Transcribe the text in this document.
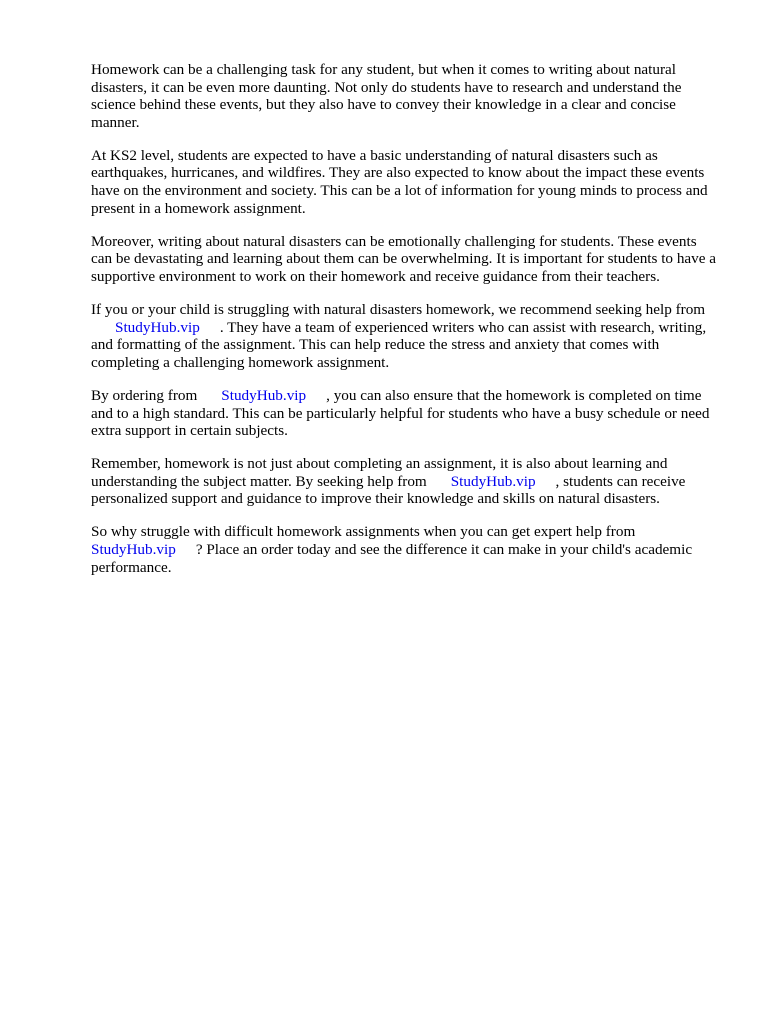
Homework can be a challenging task for any student, but when it comes to writing about natural disasters, it can be even more daunting. Not only do students have to research and understand the science behind these events, but they also have to convey their knowledge in a clear and concise manner.

At KS2 level, students are expected to have a basic understanding of natural disasters such as earthquakes, hurricanes, and wildfires. They are also expected to know about the impact these events have on the environment and society. This can be a lot of information for young minds to process and present in a homework assignment.

Moreover, writing about natural disasters can be emotionally challenging for students. These events can be devastating and learning about them can be overwhelming. It is important for students to have a supportive environment to work on their homework and receive guidance from their teachers.

If you or your child is struggling with natural disasters homework, we recommend seeking help from
StudyHub.vip . They have a team of experienced writers who can assist with research, writing, and formatting of the assignment. This can help reduce the stress and anxiety that comes with completing a challenging homework assignment.

By ordering from StudyHub.vip , you can also ensure that the homework is completed on time and to a high standard. This can be particularly helpful for students who have a busy schedule or need extra support in certain subjects.

Remember, homework is not just about completing an assignment, it is also about learning and understanding the subject matter. By seeking help from StudyHub.vip , students can receive personalized support and guidance to improve their knowledge and skills on natural disasters.

So why struggle with difficult homework assignments when you can get expert help from
StudyHub.vip ? Place an order today and see the difference it can make in your child's academic performance.
